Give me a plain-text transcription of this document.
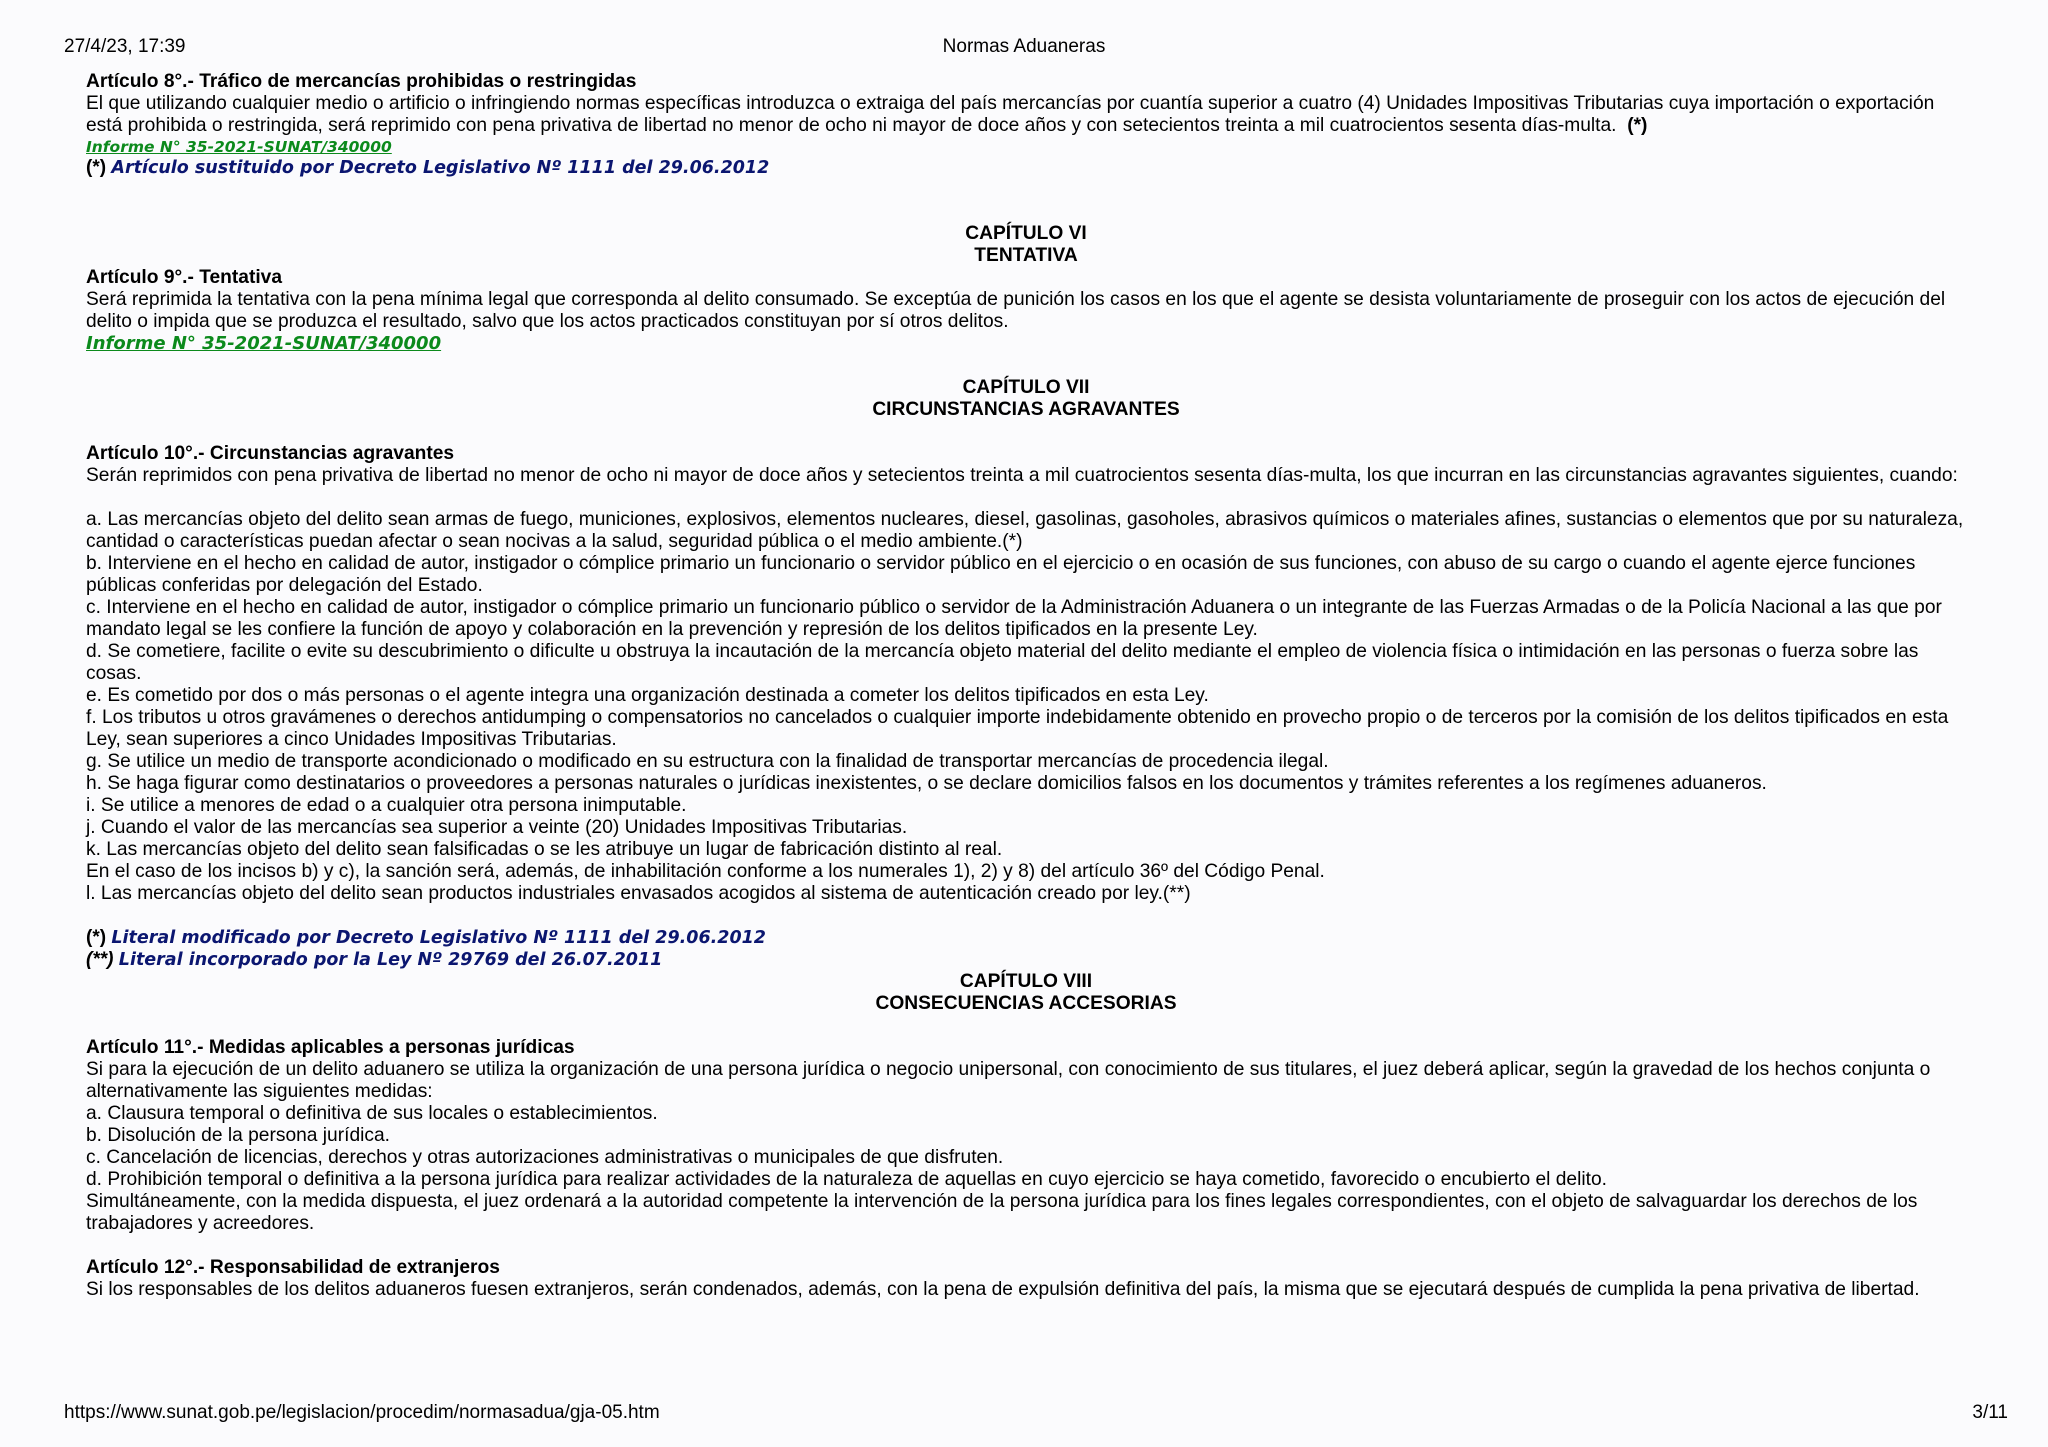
27/4/23, 17:39	Normas Aduaneras

Artículo 8°.- Tráfico de mercancías prohibidas o restringidas

El que utilizando cualquier medio o artificio o infringiendo normas específicas introduzca o extraiga del país mercancías por cuantía superior a cuatro (4) Unidades Impositivas Tributarias cuya importación o exportación está prohibida o restringida, será reprimido con pena privativa de libertad no menor de ocho ni mayor de doce años y con setecientos treinta a mil cuatrocientos sesenta días-multa. (*)

Informe N° 35-2021-SUNAT/340000

(*) Artículo sustituido por Decreto Legislativo Nº 1111 del 29.06.2012

CAPÍTULO VI

TENTATIVA

Artículo 9°.- Tentativa

Será reprimida la tentativa con la pena mínima legal que corresponda al delito consumado. Se exceptúa de punición los casos en los que el agente se desista voluntariamente de proseguir con los actos de ejecución del delito o impida que se produzca el resultado, salvo que los actos practicados constituyan por sí otros delitos.

Informe N° 35-2021-SUNAT/340000

CAPÍTULO VII

CIRCUNSTANCIAS AGRAVANTES

Artículo 10°.- Circunstancias agravantes

Serán reprimidos con pena privativa de libertad no menor de ocho ni mayor de doce años y setecientos treinta a mil cuatrocientos sesenta días-multa, los que incurran en las circunstancias agravantes siguientes, cuando:

a. Las mercancías objeto del delito sean armas de fuego, municiones, explosivos, elementos nucleares, diesel, gasolinas, gasoholes, abrasivos químicos o materiales afines, sustancias o elementos que por su naturaleza, cantidad o características puedan afectar o sean nocivas a la salud, seguridad pública o el medio ambiente.(*)

b. Interviene en el hecho en calidad de autor, instigador o cómplice primario un funcionario o servidor público en el ejercicio o en ocasión de sus funciones, con abuso de su cargo o cuando el agente ejerce funciones públicas conferidas por delegación del Estado.

c. Interviene en el hecho en calidad de autor, instigador o cómplice primario un funcionario público o servidor de la Administración Aduanera o un integrante de las Fuerzas Armadas o de la Policía Nacional a las que por mandato legal se les confiere la función de apoyo y colaboración en la prevención y represión de los delitos tipificados en la presente Ley.

d. Se cometiere, facilite o evite su descubrimiento o dificulte u obstruya la incautación de la mercancía objeto material del delito mediante el empleo de violencia física o intimidación en las personas o fuerza sobre las cosas.

e. Es cometido por dos o más personas o el agente integra una organización destinada a cometer los delitos tipificados en esta Ley.

f. Los tributos u otros gravámenes o derechos antidumping o compensatorios no cancelados o cualquier importe indebidamente obtenido en provecho propio o de terceros por la comisión de los delitos tipificados en esta Ley, sean superiores a cinco Unidades Impositivas Tributarias.

g. Se utilice un medio de transporte acondicionado o modificado en su estructura con la finalidad de transportar mercancías de procedencia ilegal.

h. Se haga figurar como destinatarios o proveedores a personas naturales o jurídicas inexistentes, o se declare domicilios falsos en los documentos y trámites referentes a los regímenes aduaneros.

i. Se utilice a menores de edad o a cualquier otra persona inimputable.

j. Cuando el valor de las mercancías sea superior a veinte (20) Unidades Impositivas Tributarias.

k. Las mercancías objeto del delito sean falsificadas o se les atribuye un lugar de fabricación distinto al real.

En el caso de los incisos b) y c), la sanción será, además, de inhabilitación conforme a los numerales 1), 2) y 8) del artículo 36º del Código Penal.

l. Las mercancías objeto del delito sean productos industriales envasados acogidos al sistema de autenticación creado por ley.(**)

(*) Literal modificado por Decreto Legislativo Nº 1111 del 29.06.2012

(**) Literal incorporado por la Ley Nº 29769 del 26.07.2011

CAPÍTULO VIII

CONSECUENCIAS ACCESORIAS

Artículo 11°.- Medidas aplicables a personas jurídicas

Si para la ejecución de un delito aduanero se utiliza la organización de una persona jurídica o negocio unipersonal, con conocimiento de sus titulares, el juez deberá aplicar, según la gravedad de los hechos conjunta o alternativamente las siguientes medidas:

a. Clausura temporal o definitiva de sus locales o establecimientos.

b. Disolución de la persona jurídica.

c. Cancelación de licencias, derechos y otras autorizaciones administrativas o municipales de que disfruten.

d. Prohibición temporal o definitiva a la persona jurídica para realizar actividades de la naturaleza de aquellas en cuyo ejercicio se haya cometido, favorecido o encubierto el delito.

Simultáneamente, con la medida dispuesta, el juez ordenará a la autoridad competente la intervención de la persona jurídica para los fines legales correspondientes, con el objeto de salvaguardar los derechos de los trabajadores y acreedores.

Artículo 12°.- Responsabilidad de extranjeros

Si los responsables de los delitos aduaneros fuesen extranjeros, serán condenados, además, con la pena de expulsión definitiva del país, la misma que se ejecutará después de cumplida la pena privativa de libertad.

https://www.sunat.gob.pe/legislacion/procedim/normasadua/gja-05.htm	3/11
